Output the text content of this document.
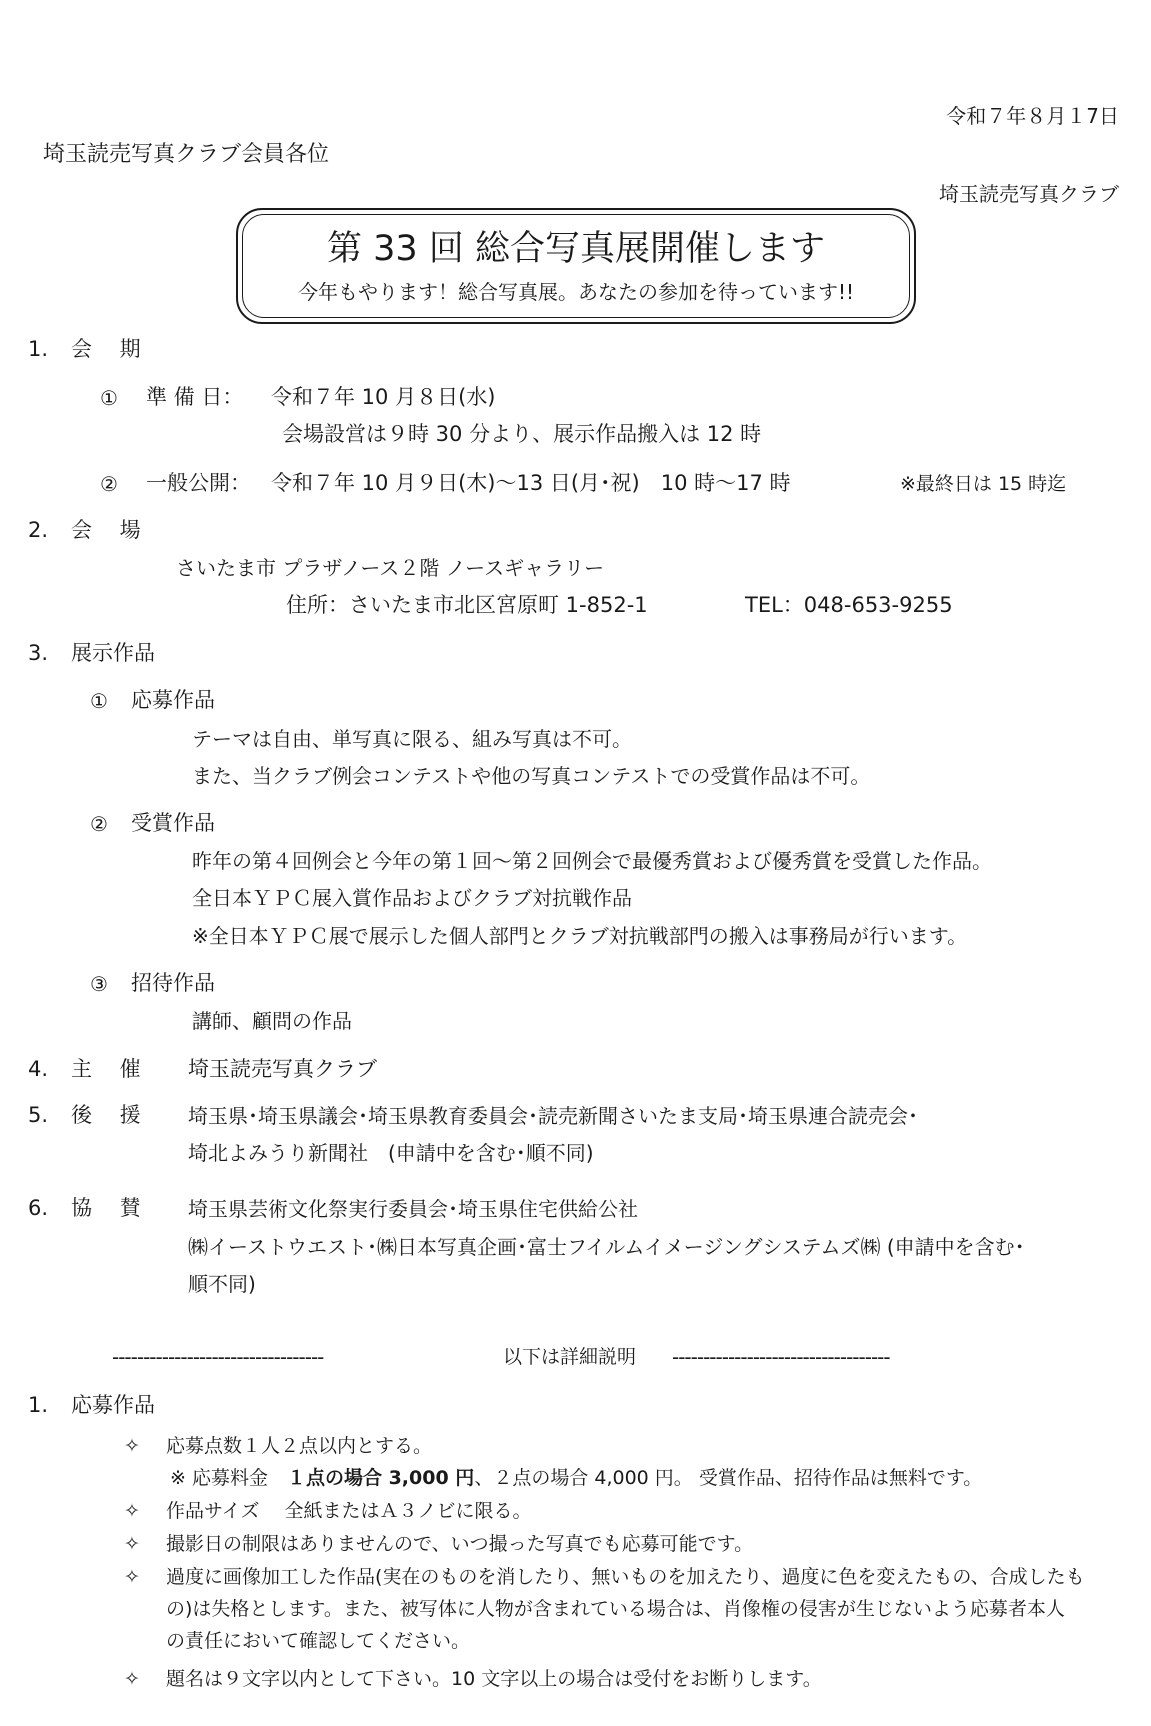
令和７年８月１7日
埼玉読売写真クラブ会員各位
埼玉読売写真クラブ
第 33 回 総合写真展開催します
今年もやります！総合写真展。あなたの参加を待っています!!
1. 会　 期
① 準 備 日： 令和７年 10 月８日(水)
会場設営は９時 30 分より、展示作品搬入は 12 時
② 一般公開： 令和７年 10 月９日(木)～13 日(月･祝)　10 時～17 時	※最終日は 15 時迄
2. 会　 場
さいたま市 プラザノース２階 ノースギャラリー
住所：さいたま市北区宮原町 1-852-1	TEL：048-653-9255
3. 展示作品
① 応募作品
テーマは自由、単写真に限る、組み写真は不可。
また、当クラブ例会コンテストや他の写真コンテストでの受賞作品は不可。
② 受賞作品
昨年の第４回例会と今年の第１回～第２回例会で最優秀賞および優秀賞を受賞した作品。
全日本ＹＰＣ展入賞作品およびクラブ対抗戦作品
※全日本ＹＰＣ展で展示した個人部門とクラブ対抗戦部門の搬入は事務局が行います。
③ 招待作品
講師、顧問の作品
4. 主　 催 埼玉読売写真クラブ
5. 後　 援 埼玉県･埼玉県議会･埼玉県教育委員会･読売新聞さいたま支局･埼玉県連合読売会･
埼北よみうり新聞社　(申請中を含む･順不同)
6. 協　 賛 埼玉県芸術文化祭実行委員会･埼玉県住宅供給公社
㈱イーストウエスト･㈱日本写真企画･富士フイルムイメージングシステムズ㈱ (申請中を含む･
順不同)
----------------------------------	以下は詳細説明 -----------------------------------
1. 応募作品
✧ 応募点数１人２点以内とする。
※ 応募料金　１点の場合 3,000 円、２点の場合 4,000 円。 受賞作品、招待作品は無料です。
✧ 作品サイズ　 全紙またはＡ３ノビに限る。
✧ 撮影日の制限はありませんので、いつ撮った写真でも応募可能です。
✧ 過度に画像加工した作品(実在のものを消したり、無いものを加えたり、過度に色を変えたもの、合成したも
の)は失格とします。また、被写体に人物が含まれている場合は、肖像権の侵害が生じないよう応募者本人
の責任において確認してください。
✧ 題名は９文字以内として下さい。10 文字以上の場合は受付をお断りします。
